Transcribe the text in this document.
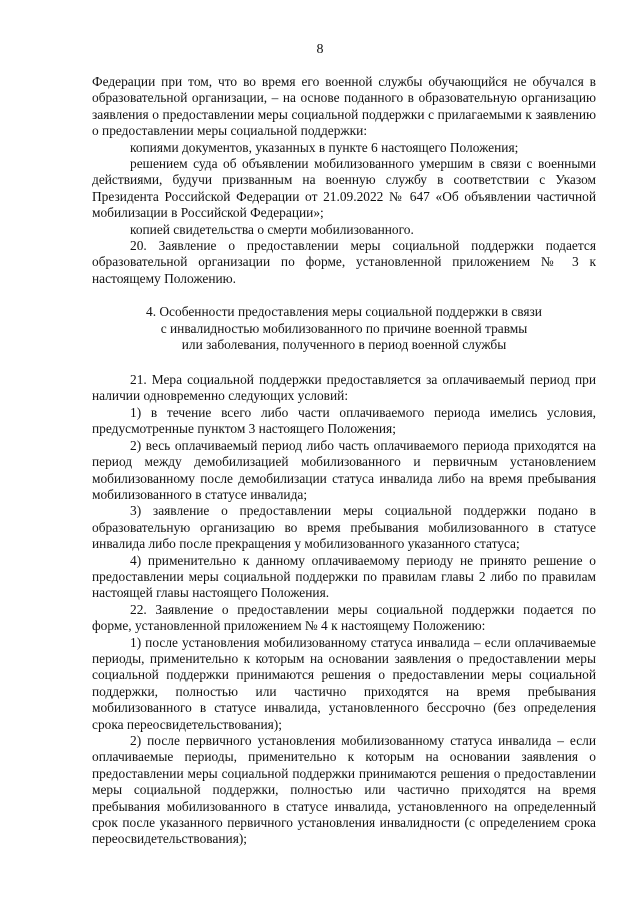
8

Федерации при том, что во время его военной службы обучающийся не обучался в образовательной организации, – на основе поданного в образовательную организацию заявления о предоставлении меры социальной поддержки с прилагаемыми к заявлению о предоставлении меры социальной поддержки:

копиями документов, указанных в пункте 6 настоящего Положения;

решением суда об объявлении мобилизованного умершим в связи с военными действиями, будучи призванным на военную службу в соответствии с Указом Президента Российской Федерации от 21.09.2022 № 647 «Об объявлении частичной мобилизации в Российской Федерации»;

копией свидетельства о смерти мобилизованного.

20. Заявление о предоставлении меры социальной поддержки подается образовательной организации по форме, установленной приложением № 3 к настоящему Положению.

4. Особенности предоставления меры социальной поддержки в связи
с инвалидностью мобилизованного по причине военной травмы
или заболевания, полученного в период военной службы

21. Мера социальной поддержки предоставляется за оплачиваемый период при наличии одновременно следующих условий:

1) в течение всего либо части оплачиваемого периода имелись условия, предусмотренные пунктом 3 настоящего Положения;

2) весь оплачиваемый период либо часть оплачиваемого периода приходятся на период между демобилизацией мобилизованного и первичным установлением мобилизованному после демобилизации статуса инвалида либо на время пребывания мобилизованного в статусе инвалида;

3) заявление о предоставлении меры социальной поддержки подано в образовательную организацию во время пребывания мобилизованного в статусе инвалида либо после прекращения у мобилизованного указанного статуса;

4) применительно к данному оплачиваемому периоду не принято решение о предоставлении меры социальной поддержки по правилам главы 2 либо по правилам настоящей главы настоящего Положения.

22. Заявление о предоставлении меры социальной поддержки подается по форме, установленной приложением № 4 к настоящему Положению:

1) после установления мобилизованному статуса инвалида – если оплачиваемые периоды, применительно к которым на основании заявления о предоставлении меры социальной поддержки принимаются решения о предоставлении меры социальной поддержки, полностью или частично приходятся на время пребывания мобилизованного в статусе инвалида, установленного бессрочно (без определения срока переосвидетельствования);

2) после первичного установления мобилизованному статуса инвалида – если оплачиваемые периоды, применительно к которым на основании заявления о предоставлении меры социальной поддержки принимаются решения о предоставлении меры социальной поддержки, полностью или частично приходятся на время пребывания мобилизованного в статусе инвалида, установленного на определенный срок после указанного первичного установления инвалидности (с определением срока переосвидетельствования);
